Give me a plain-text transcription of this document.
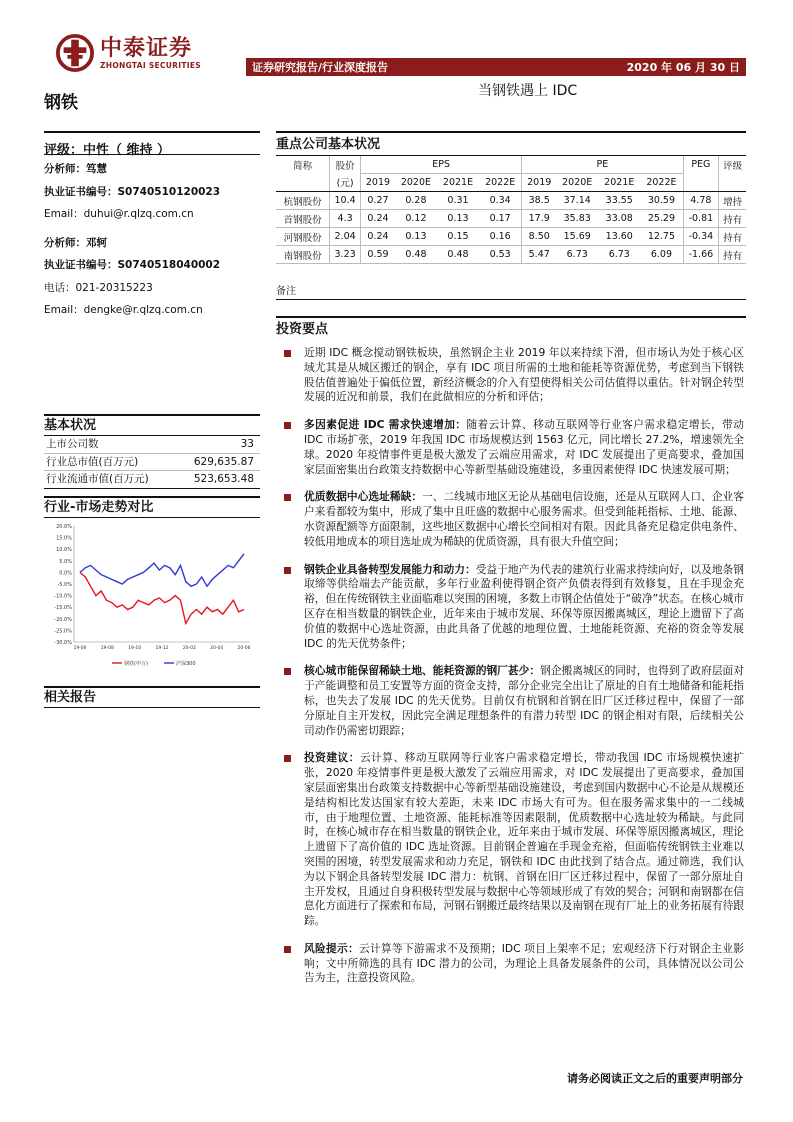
中泰证券
ZHONGTAI SECURITIES	证券研究报告/行业深度报告	2020 年 06 月 30 日
钢铁
当钢铁遇上 IDC
评级：中性（ 维持 ）
分析师：笃慧
执业证书编号：S0740510120023
Email：duhui@r.qlzq.com.cn
分析师：邓轲
执业证书编号：S0740518040002
电话：021-20315223
Email：dengke@r.qlzq.com.cn
基本状况
上市公司数	33
行业总市值(百万元)	629,635.87
行业流通市值(百万元)	523,653.48
行业-市场走势对比
20.0%
15.0%
10.0%
5.0%
0.0%
-5.0%
-10.0%
-15.0%
-20.0%
-25.0%
-30.0%
19-06	19-08	19-10	19-12	20-02	20-04	20-06
钢铁(申万)	沪深300
相关报告
重点公司基本状况
简称	股价	EPS				PE				PEG	评级
	(元)	2019	2020E	2021E	2022E	2019	2020E	2021E	2022E		
杭钢股份	10.4	0.27	0.28	0.31	0.34	38.5	37.14	33.55	30.59	4.78	增持
首钢股份	4.3	0.24	0.12	0.13	0.17	17.9	35.83	33.08	25.29	-0.81	持有
河钢股份	2.04	0.24	0.13	0.15	0.16	8.50	15.69	13.60	12.75	-0.34	持有
南钢股份	3.23	0.59	0.48	0.48	0.53	5.47	6.73	6.73	6.09	-1.66	持有
备注
投资要点
近期 IDC 概念搅动钢铁板块，虽然钢企主业 2019 年以来持续下滑，但市场认为处于核心区域尤其是从城区搬迁的钢企，享有 IDC 项目所需的土地和能耗等资源优势，考虑到当下钢铁股估值普遍处于偏低位置，新经济概念的介入有望使得相关公司估值得以重估。针对钢企转型发展的近况和前景，我们在此做相应的分析和评估；
多因素促进 IDC 需求快速增加：随着云计算、移动互联网等行业客户需求稳定增长，带动 IDC 市场扩张，2019 年我国 IDC 市场规模达到 1563 亿元，同比增长 27.2%，增速领先全球。2020 年疫情事件更是极大激发了云端应用需求，对 IDC 发展提出了更高要求，叠加国家层面密集出台政策支持数据中心等新型基础设施建设，多重因素使得 IDC 快速发展可期；
优质数据中心选址稀缺：一、二线城市地区无论从基础电信设施，还是从互联网人口、企业客户来看都较为集中，形成了集中且旺盛的数据中心服务需求。但受到能耗指标、土地、能源、水资源配额等方面限制，这些地区数据中心增长空间相对有限。因此具备充足稳定供电条件、较低用地成本的项目选址成为稀缺的优质资源，具有很大升值空间；
钢铁企业具备转型发展能力和动力：受益于地产为代表的建筑行业需求持续向好，以及地条钢取缔等供给端去产能贡献，多年行业盈利使得钢企资产负债表得到有效修复，且在手现金充裕，但在传统钢铁主业面临难以突围的困境，多数上市钢企估值处于“破净”状态。在核心城市区存在相当数量的钢铁企业，近年来由于城市发展、环保等原因搬离城区，理论上遗留下了高价值的数据中心选址资源，由此具备了优越的地理位置、土地能耗资源、充裕的资金等发展 IDC 的先天优势条件；
核心城市能保留稀缺土地、能耗资源的钢厂甚少：钢企搬离城区的同时，也得到了政府层面对于产能调整和员工安置等方面的资金支持，部分企业完全出让了原址的自有土地储备和能耗指标，也失去了发展 IDC 的先天优势。目前仅有杭钢和首钢在旧厂区迁移过程中，保留了一部分原址自主开发权，因此完全满足理想条件的有潜力转型 IDC 的钢企相对有限，后续相关公司动作仍需密切跟踪；
投资建议：云计算、移动互联网等行业客户需求稳定增长，带动我国 IDC 市场规模快速扩张，2020 年疫情事件更是极大激发了云端应用需求，对 IDC 发展提出了更高要求，叠加国家层面密集出台政策支持数据中心等新型基础设施建设，考虑到国内数据中心不论是从规模还是结构相比发达国家有较大差距，未来 IDC 市场大有可为。但在服务需求集中的一二线城市，由于地理位置、土地资源、能耗标准等因素限制，优质数据中心选址较为稀缺。与此同时，在核心城市存在相当数量的钢铁企业，近年来由于城市发展、环保等原因搬离城区，理论上遗留下了高价值的 IDC 选址资源。目前钢企普遍在手现金充裕，但面临传统钢铁主业难以突围的困境，转型发展需求和动力充足，钢铁和 IDC 由此找到了结合点。通过筛选，我们认为以下钢企具备转型发展 IDC 潜力：杭钢、首钢在旧厂区迁移过程中，保留了一部分原址自主开发权，且通过自身积极转型发展与数据中心等领域形成了有效的契合；河钢和南钢都在信息化方面进行了探索和布局，河钢石钢搬迁最终结果以及南钢在现有厂址上的业务拓展有待跟踪。
风险提示：云计算等下游需求不及预期；IDC 项目上架率不足；宏观经济下行对钢企主业影响；文中所筛选的具有 IDC 潜力的公司，为理论上具备发展条件的公司，具体情况以公司公告为主，注意投资风险。
请务必阅读正文之后的重要声明部分
